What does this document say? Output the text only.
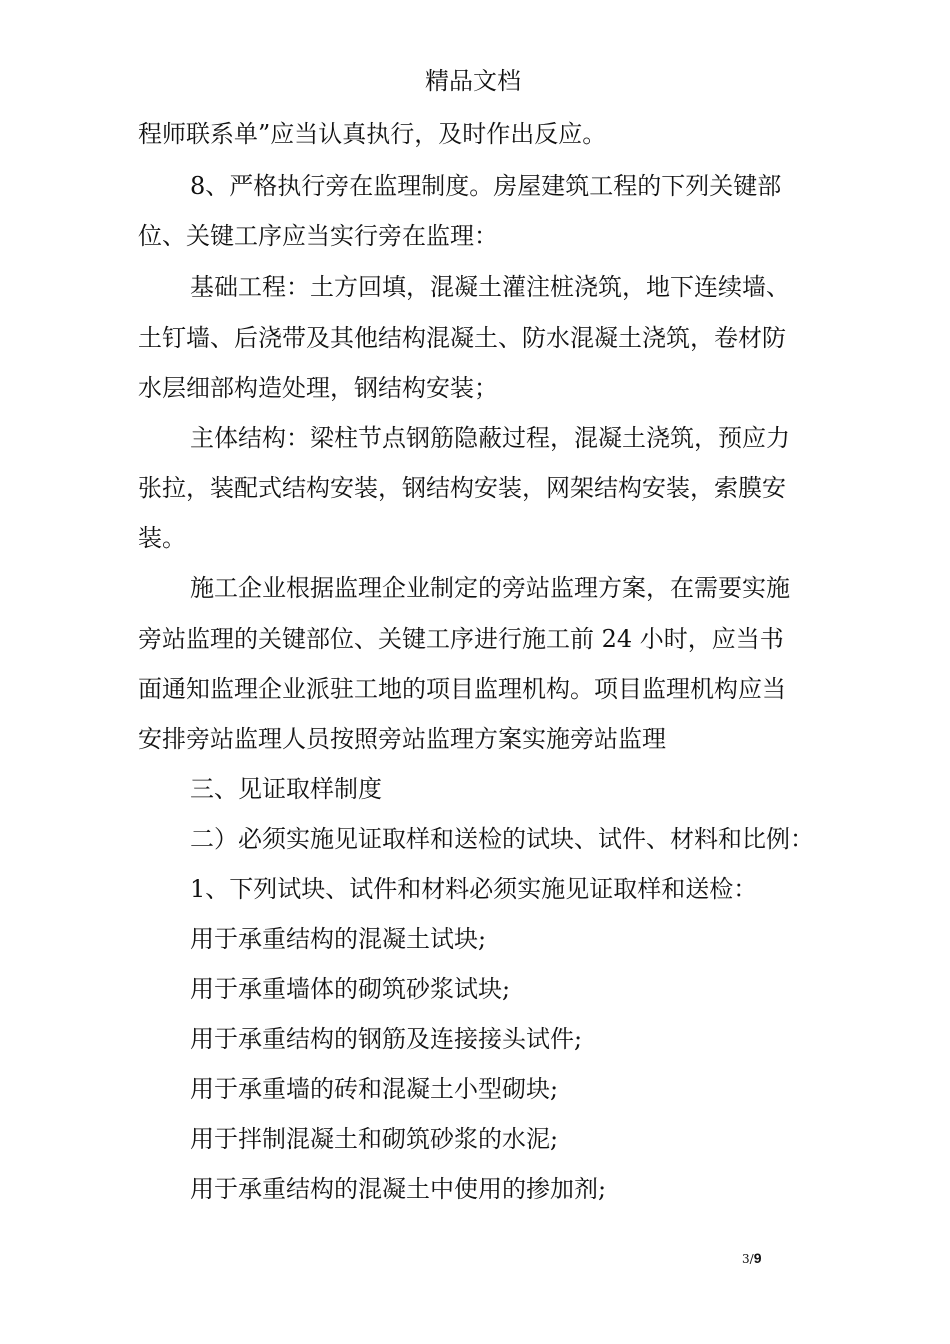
精品文档
程师联系单”应当认真执行，及时作出反应。
8、严格执行旁在监理制度。房屋建筑工程的下列关键部
位、关键工序应当实行旁在监理：
基础工程：土方回填，混凝土灌注桩浇筑，地下连续墙、
土钉墙、后浇带及其他结构混凝土、防水混凝土浇筑，卷材防
水层细部构造处理，钢结构安装；
主体结构：梁柱节点钢筋隐蔽过程，混凝土浇筑，预应力
张拉，装配式结构安装，钢结构安装，网架结构安装，索膜安
装。
施工企业根据监理企业制定的旁站监理方案，在需要实施
旁站监理的关键部位、关键工序进行施工前 24 小时，应当书
面通知监理企业派驻工地的项目监理机构。项目监理机构应当
安排旁站监理人员按照旁站监理方案实施旁站监理
三、见证取样制度
二）必须实施见证取样和送检的试块、试件、材料和比例：
1、下列试块、试件和材料必须实施见证取样和送检：
用于承重结构的混凝土试块;
用于承重墙体的砌筑砂浆试块;
用于承重结构的钢筋及连接接头试件;
用于承重墙的砖和混凝土小型砌块;
用于拌制混凝土和砌筑砂浆的水泥;
用于承重结构的混凝土中使用的掺加剂;
3/9
